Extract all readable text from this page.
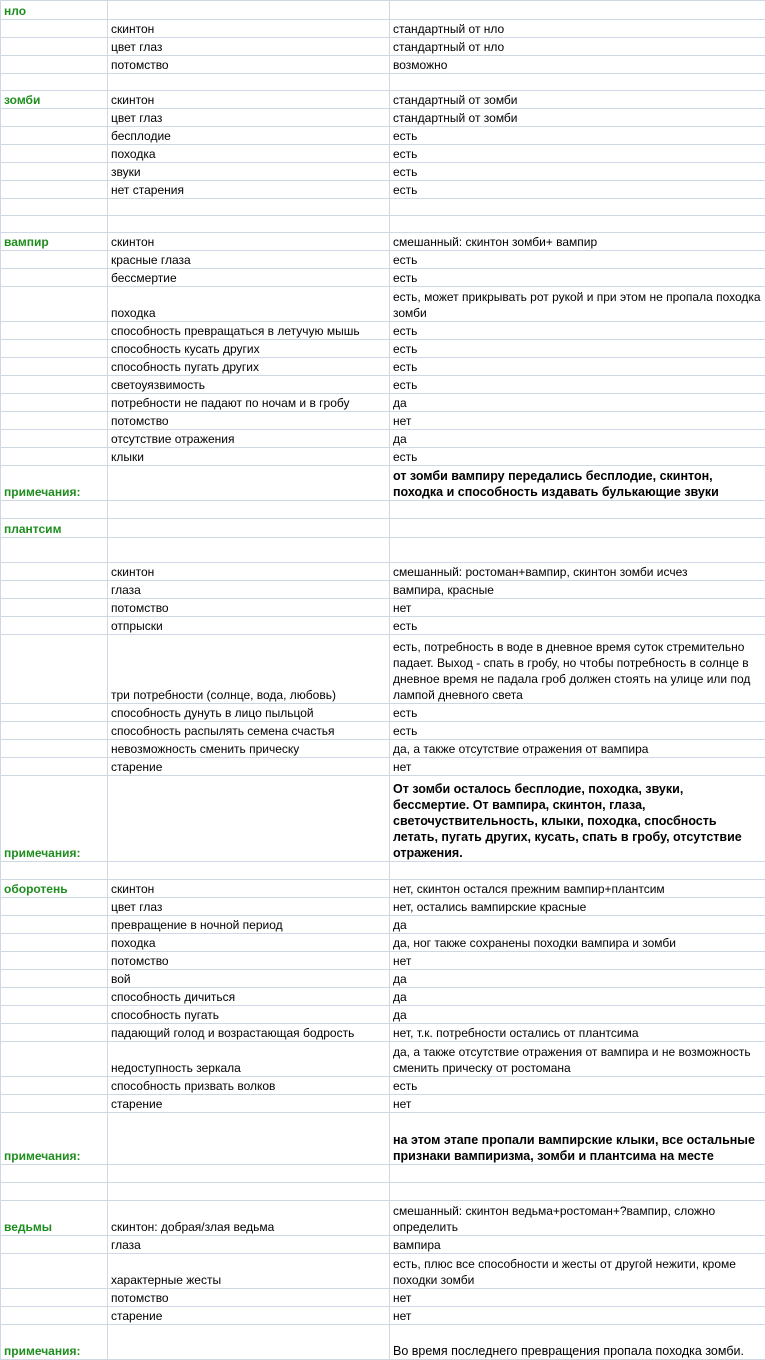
нло		
	скинтон	стандартный от нло
	цвет глаз	стандартный от нло
	потомство	возможно

зомби	скинтон	стандартный от зомби
	цвет глаз	стандартный от зомби
	бесплодие	есть
	походка	есть
	звуки	есть
	нет старения	есть

вампир	скинтон	смешанный: скинтон зомби+ вампир
	красные глаза	есть
	бессмертие	есть
	походка	есть, может прикрывать рот рукой и при этом не пропала походка зомби
	способность превращаться в летучую мышь	есть
	способность кусать других	есть
	способность пугать других	есть
	светоуязвимость	есть
	потребности не падают по ночам и в гробу	да
	потомство	нет
	отсутствие отражения	да
	клыки	есть
примечания:		от зомби вампиру передались бесплодие, скинтон, походка и способность издавать булькающие звуки

плантсим		

	скинтон	смешанный: ростоман+вампир, скинтон зомби исчез
	глаза	вампира, красные
	потомство	нет
	отпрыски	есть
	три потребности (солнце, вода, любовь)	есть, потребность в воде в дневное время суток стремительно падает. Выход - спать в гробу, но чтобы потребность в солнце в дневное время не падала гроб должен стоять на улице или под лампой дневного света
	способность дунуть в лицо пыльцой	есть
	способность распылять семена счастья	есть
	невозможность сменить прическу	да, а также отсутствие отражения от вампира
	старение	нет
примечания:		От зомби осталось бесплодие, походка, звуки, бессмертие. От вампира, скинтон, глаза, светочуствительность, клыки, походка, спосбность летать, пугать других, кусать, спать в гробу, отсутствие отражения.

оборотень	скинтон	нет, скинтон остался прежним вампир+плантсим
	цвет глаз	нет, остались вампирские красные
	превращение в ночной период	да
	походка	да, ног также сохранены походки вампира и зомби
	потомство	нет
	вой	да
	способность дичиться	да
	способность пугать	да
	падающий голод и возрастающая бодрость	нет, т.к. потребности остались от плантсима
	недоступность зеркала	да, а также отсутствие отражения от вампира и не возможность сменить прическу от ростомана
	способность призвать волков	есть
	старение	нет
примечания:		на этом этапе пропали вампирские клыки, все остальные признаки вампиризма, зомби и плантсима на месте

ведьмы	скинтон: добрая/злая ведьма	смешанный: скинтон ведьма+ростоман+?вампир, сложно определить
	глаза	вампира
	характерные жесты	есть, плюс все способности и жесты от другой нежити, кроме походки зомби
	потомство	нет
	старение	нет
примечания:		Во время последнего превращения пропала походка зомби.
